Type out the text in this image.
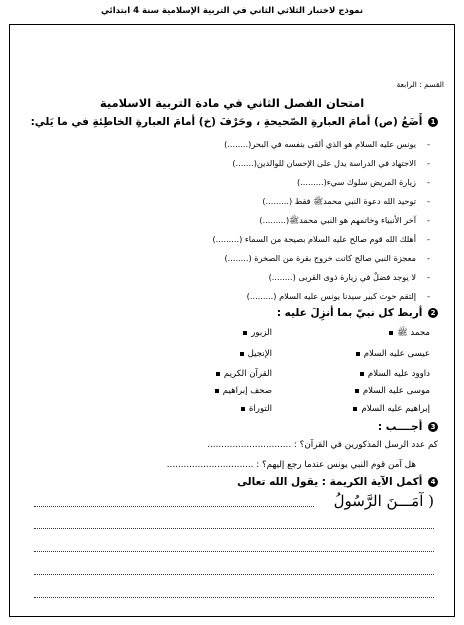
نموذج لاختبار الثلاثي الثاني في التربية الإسلامية سنة 4 ابتدائي
القسم : الرابعة
امتحان الفصل الثاني في مادة التربية الاسلامية
1 أَضَعُ (ص) أمامَ العبارةِ الصّحيحةِ ، وحَرْفَ (خ) أمامَ العبارةِ الخاطِئةِ في ما يَلي:
-يونس عليه السلام هو الذي ألقى بنفسه في البحر(........)
-الاجتهاد في الدراسة يدل على الإحسان للوالدين(.......)
-زيارة المريض سلوك سيء(.........)
-توحيد الله دعوة النبي محمدﷺ فقط (.........)
-آخر الأنبياء وخاتمهم هو النبي محمدﷺ(.........)
-أهلك الله قوم صالح عليه السلام بصيحة من السماء (.........)
-معجزة النبي صالح كانت خروج بقرة من الصخرة (........)
-لا يوجد فضلٌ في زيارة ذوى القربى (........)
-إلتقم حوت كبير سيدنا يونس عليه السلام (.........)
2 أربط كل نبيّ بما أنزِلَ عليه :
محمد ﷺ
عيسى عليه السلام
داوود عليه السلام
موسى عليه السلام
إبراهيم عليه السلام
الزبور
الإنجيل
القرآن الكريم
صحف إبراهيم
التوراة
3 أجــــب :
كم عدد الرسل المذكورين في القرآن؟ : ..............................
هل آمن قوم النبي يونس عندما رجع إليهم؟ : ...............................
4 أكمل الآية الكريمة : يقول الله تعالى
( آمَـــنَ الرَّسُولُ
